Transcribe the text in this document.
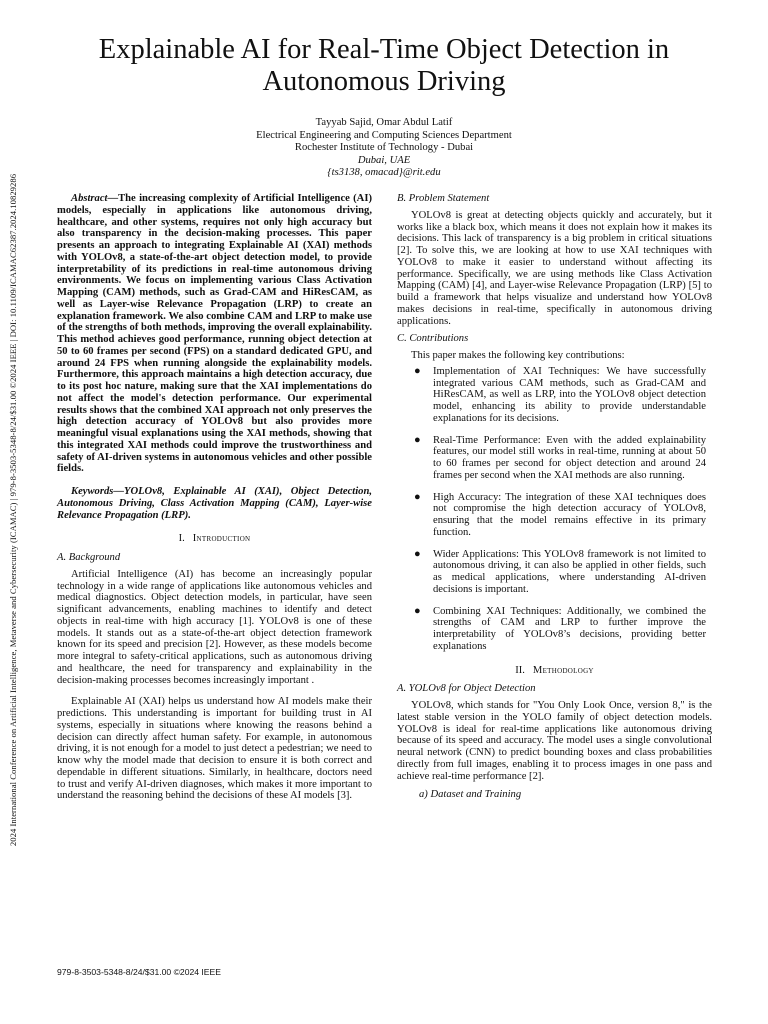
2024 International Conference on Artificial Intelligence, Metaverse and Cybersecurity (ICAMAC) | 979-8-3503-5348-8/24/$31.00 ©2024 IEEE | DOI: 10.1109/ICAMAC62387.2024.10829286
Explainable AI for Real-Time Object Detection in Autonomous Driving
Tayyab Sajid, Omar Abdul Latif
Electrical Engineering and Computing Sciences Department
Rochester Institute of Technology - Dubai
Dubai, UAE
{ts3138, omacad}@rit.edu

Abstract—The increasing complexity of Artificial Intelligence (AI) models, especially in applications like autonomous driving, healthcare, and other systems, requires not only high accuracy but also transparency in the decision-making processes. This paper presents an approach to integrating Explainable AI (XAI) methods with YOLOv8, a state-of-the-art object detection model, to provide interpretability of its predictions in real-time autonomous driving environments. We focus on implementing various Class Activation Mapping (CAM) methods, such as Grad-CAM and HiResCAM, as well as Layer-wise Relevance Propagation (LRP) to create an explanation framework. We also combine CAM and LRP to make use of the strengths of both methods, improving the overall explainability. This method achieves good performance, running object detection at 50 to 60 frames per second (FPS) on a standard dedicated GPU, and around 24 FPS when running alongside the explainability models. Furthermore, this approach maintains a high detection accuracy, due to its post hoc nature, making sure that the XAI implementations do not affect the model's detection performance. Our experimental results shows that the combined XAI approach not only preserves the high detection accuracy of YOLOv8 but also provides more meaningful visual explanations using the XAI methods, showing that this integrated XAI methods could improve the trustworthiness and safety of AI-driven systems in autonomous vehicles and other possible fields.

Keywords—YOLOv8, Explainable AI (XAI), Object Detection, Autonomous Driving, Class Activation Mapping (CAM), Layer-wise Relevance Propagation (LRP).

I. Introduction
A. Background

Artificial Intelligence (AI) has become an increasingly popular technology in a wide range of applications like autonomous vehicles and medical diagnostics. Object detection models, in particular, have seen significant advancements, enabling machines to identify and detect objects in real-time with high accuracy [1]. YOLOv8 is one of these models. It stands out as a state-of-the-art object detection framework known for its speed and precision [2]. However, as these models become more integral to safety-critical applications, such as autonomous driving and healthcare, the need for transparency and explainability in the decision-making processes becomes increasingly important .

Explainable AI (XAI) helps us understand how AI models make their predictions. This understanding is important for building trust in AI systems, especially in situations where knowing the reasons behind a decision can directly affect human safety. For example, in autonomous driving, it is not enough for a model to just detect a pedestrian; we need to know why the model made that decision to ensure it is both correct and dependable in different situations. Similarly, in healthcare, doctors need to trust and verify AI-driven diagnoses, which makes it more important to understand the reasoning behind the decisions of these AI models [3].

B. Problem Statement

YOLOv8 is great at detecting objects quickly and accurately, but it works like a black box, which means it does not explain how it makes its decisions. This lack of transparency is a big problem in critical situations [2]. To solve this, we are looking at how to use XAI techniques with YOLOv8 to make it easier to understand without affecting its performance. Specifically, we are using methods like Class Activation Mapping (CAM) [4], and Layer-wise Relevance Propagation (LRP) [5] to build a framework that helps visualize and understand how YOLOv8 makes decisions in real-time, specifically in autonomous driving applications.

C. Contributions

This paper makes the following key contributions:

● Implementation of XAI Techniques: We have successfully integrated various CAM methods, such as Grad-CAM and HiResCAM, as well as LRP, into the YOLOv8 object detection model, enhancing its ability to provide understandable explanations for its decisions.
● Real-Time Performance: Even with the added explainability features, our model still works in real-time, running at about 50 to 60 frames per second for object detection and around 24 frames per second when the XAI methods are also running.
● High Accuracy: The integration of these XAI techniques does not compromise the high detection accuracy of YOLOv8, ensuring that the model remains effective in its primary function.
● Wider Applications: This YOLOv8 framework is not limited to autonomous driving, it can also be applied in other fields, such as medical applications, where understanding AI-driven decisions is important.
● Combining XAI Techniques: Additionally, we combined the strengths of CAM and LRP to further improve the interpretability of YOLOv8’s decisions, providing better explanations
II. Methodology
A. YOLOv8 for Object Detection

YOLOv8, which stands for "You Only Look Once, version 8," is the latest stable version in the YOLO family of object detection models. YOLOv8 is ideal for real-time applications like autonomous driving because of its speed and accuracy. The model uses a single convolutional neural network (CNN) to predict bounding boxes and class probabilities directly from full images, enabling it to process images in one pass and achieve real-time performance [2].

a) Dataset and Training
979-8-3503-5348-8/24/$31.00 ©2024 IEEE
